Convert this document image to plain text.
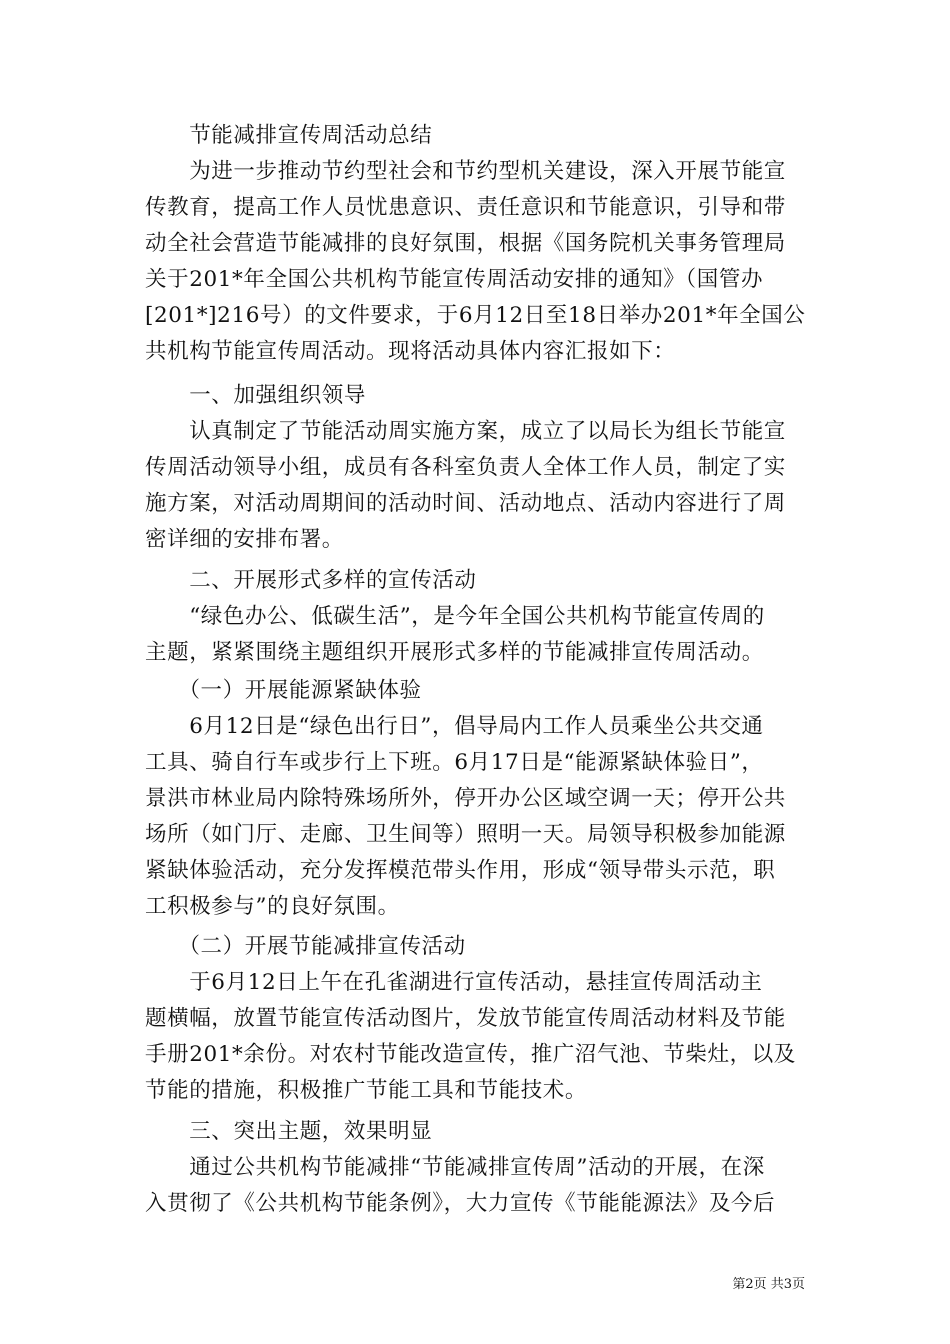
　　节能减排宣传周活动总结
　　为进一步推动节约型社会和节约型机关建设，深入开展节能宣
传教育，提高工作人员忧患意识、责任意识和节能意识，引导和带
动全社会营造节能减排的良好氛围，根据《国务院机关事务管理局
关于201*年全国公共机构节能宣传周活动安排的通知》（国管办
[201*]216号）的文件要求，于6月12日至18日举办201*年全国公
共机构节能宣传周活动。现将活动具体内容汇报如下：
　　一、加强组织领导
　　认真制定了节能活动周实施方案，成立了以局长为组长节能宣
传周活动领导小组，成员有各科室负责人全体工作人员，制定了实
施方案，对活动周期间的活动时间、活动地点、活动内容进行了周
密详细的安排布署。
　　二、开展形式多样的宣传活动
　　“绿色办公、低碳生活”，是今年全国公共机构节能宣传周的
主题，紧紧围绕主题组织开展形式多样的节能减排宣传周活动。
　　（一）开展能源紧缺体验
　　6月12日是“绿色出行日”，倡导局内工作人员乘坐公共交通
工具、骑自行车或步行上下班。6月17日是“能源紧缺体验日”，
景洪市林业局内除特殊场所外，停开办公区域空调一天；停开公共
场所（如门厅、走廊、卫生间等）照明一天。局领导积极参加能源
紧缺体验活动，充分发挥模范带头作用，形成“领导带头示范，职
工积极参与”的良好氛围。
　　（二）开展节能减排宣传活动
　　于6月12日上午在孔雀湖进行宣传活动，悬挂宣传周活动主
题横幅，放置节能宣传活动图片，发放节能宣传周活动材料及节能
手册201*余份。对农村节能改造宣传，推广沼气池、节柴灶，以及
节能的措施，积极推广节能工具和节能技术。
　　三、突出主题，效果明显
　　通过公共机构节能减排“节能减排宣传周”活动的开展，在深
入贯彻了《公共机构节能条例》，大力宣传《节能能源法》及今后
第2页 共3页
